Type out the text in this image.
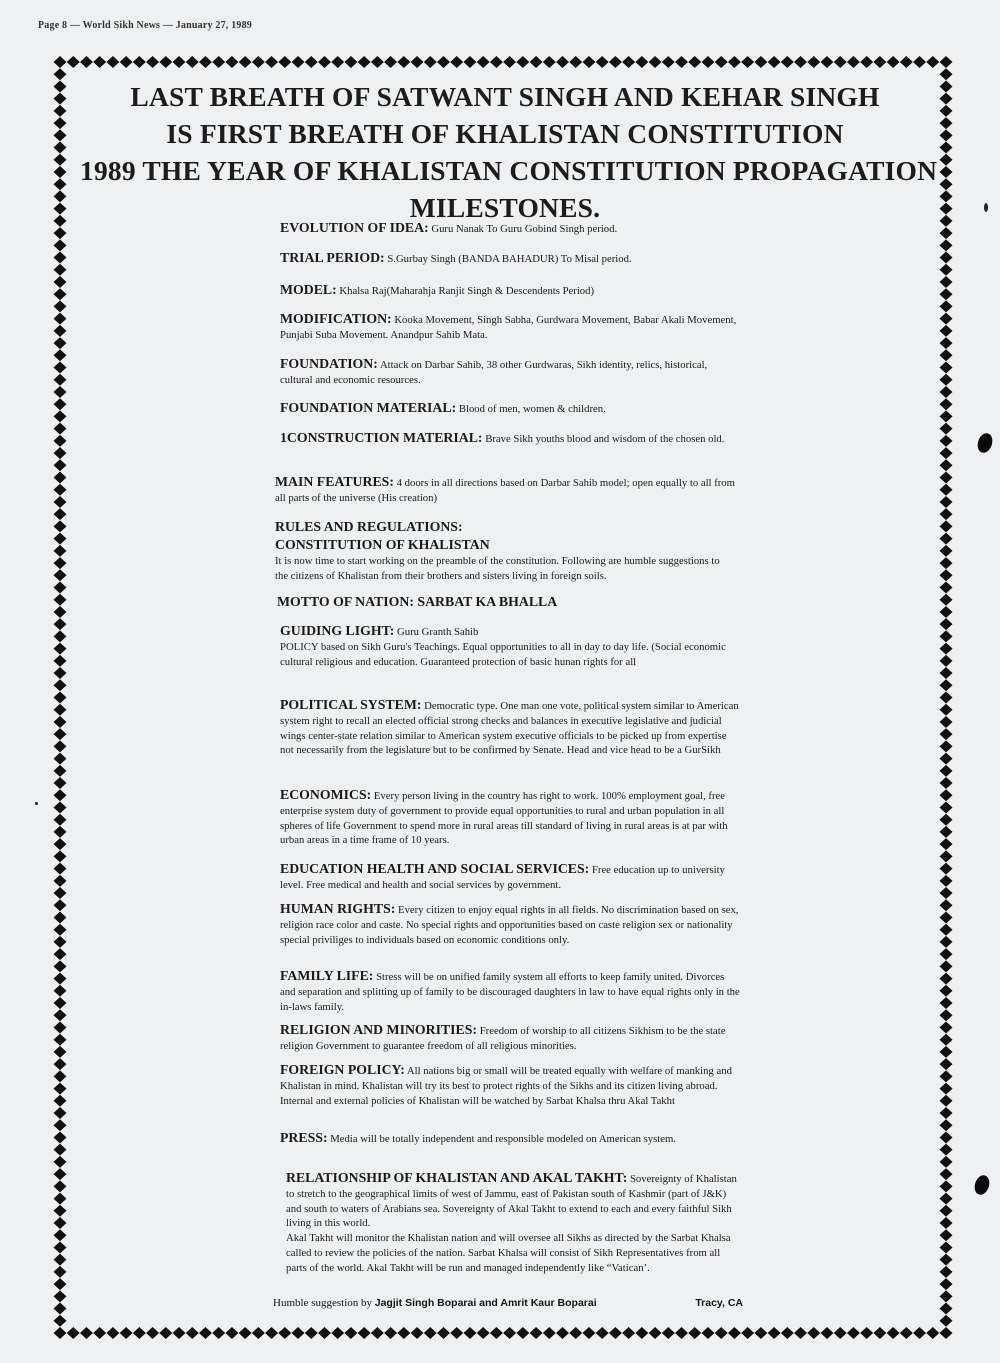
Page 8 — World Sikh News — January 27, 1989
LAST BREATH OF SATWANT SINGH AND KEHAR SINGH
IS FIRST BREATH OF KHALISTAN CONSTITUTION
1989 THE YEAR OF KHALISTAN CONSTITUTION PROPAGATION
MILESTONES.
EVOLUTION OF IDEA: Guru Nanak To Guru Gobind Singh period.
TRIAL PERIOD: S.Gurbay Singh (BANDA BAHADUR) To Misal period.
MODEL: Khalsa Raj(Maharahja Ranjit Singh & Descendents Period)
MODIFICATION: Kooka Movement, Singh Sabha, Gurdwara Movement, Babar Akali Movement, Punjabi Suba Movement. Anandpur Sahib Mata.
FOUNDATION: Attack on Darbar Sahib, 38 other Gurdwaras, Sikh identity, relics, historical, cultural and economic resources.
FOUNDATION MATERIAL: Blood of men, women & children.
1CONSTRUCTION MATERIAL: Brave Sikh youths blood and wisdom of the chosen old.
MAIN FEATURES: 4 doors in all directions based on Darbar Sahib model; open equally to all from all parts of the universe (His creation)
RULES AND REGULATIONS:
CONSTITUTION OF KHALISTAN

It is now time to start working on the preamble of the constitution. Following are humble suggestions to the citizens of Khalistan from their brothers and sisters living in foreign soils.

MOTTO OF NATION: SARBAT KA BHALLA
GUIDING LIGHT: Guru Granth Sahib

POLICY based on Sikh Guru's Teachings. Equal opportunities to all in day to day life. (Social economic cultural religious and education. Guaranteed protection of basic hunan rights for all

POLITICAL SYSTEM: Democratic type. One man one vote, political system similar to American system right to recall an elected official strong checks and balances in executive legislative and judicial wings center-state relation similar to American system executive officials to be picked up from expertise not necessarily from the legislature but to be confirmed by Senate. Head and vice head to be a GurSikh
ECONOMICS: Every person living in the country has right to work. 100% employment goal, free enterprise system duty of government to provide equal opportunities to rural and urban population in all spheres of life Government to spend more in rural areas till standard of living in rural areas is at par with urban areas in a time frame of 10 years.
EDUCATION HEALTH AND SOCIAL SERVICES: Free education up to university level. Free medical and health and social services by government.
HUMAN RIGHTS: Every citizen to enjoy equal rights in all fields. No discrimination based on sex, religion race color and caste. No special rights and opportunities based on caste religion sex or nationality special priviliges to individuals based on economic conditions only.
FAMILY LIFE: Stress will be on unified family system all efforts to keep family united. Divorces and separation and splitting up of family to be discouraged daughters in law to have equal rights only in the in-laws family.
RELIGION AND MINORITIES: Freedom of worship to all citizens Sikhism to be the state religion Government to guarantee freedom of all religious minorities.
FOREIGN POLICY: All nations big or small will be treated equally with welfare of manking and Khalistan in mind. Khalistan will try its best to protect rights of the Sikhs and its citizen living abroad. Internal and external policies of Khalistan will be watched by Sarbat Khalsa thru Akal Takht
PRESS: Media will be totally independent and responsible modeled on American system.
RELATIONSHIP OF KHALISTAN AND AKAL TAKHT: Sovereignty of Khalistan to stretch to the geographical limits of west of Jammu, east of Pakistan south of Kashmir (part of J&K) and south to waters of Arabians sea. Sovereignty of Akal Takht to extend to each and every faithful Sikh living in this world.

Akal Takht will monitor the Khalistan nation and will oversee all Sikhs as directed by the Sarbat Khalsa called to review the policies of the nation. Sarbat Khalsa will consist of Sikh Representatives from all parts of the world. Akal Takht will be run and managed independently like “Vatican’.

Humble suggestion by Jagjit Singh Boparai and Amrit Kaur Boparai	Tracy, CA
